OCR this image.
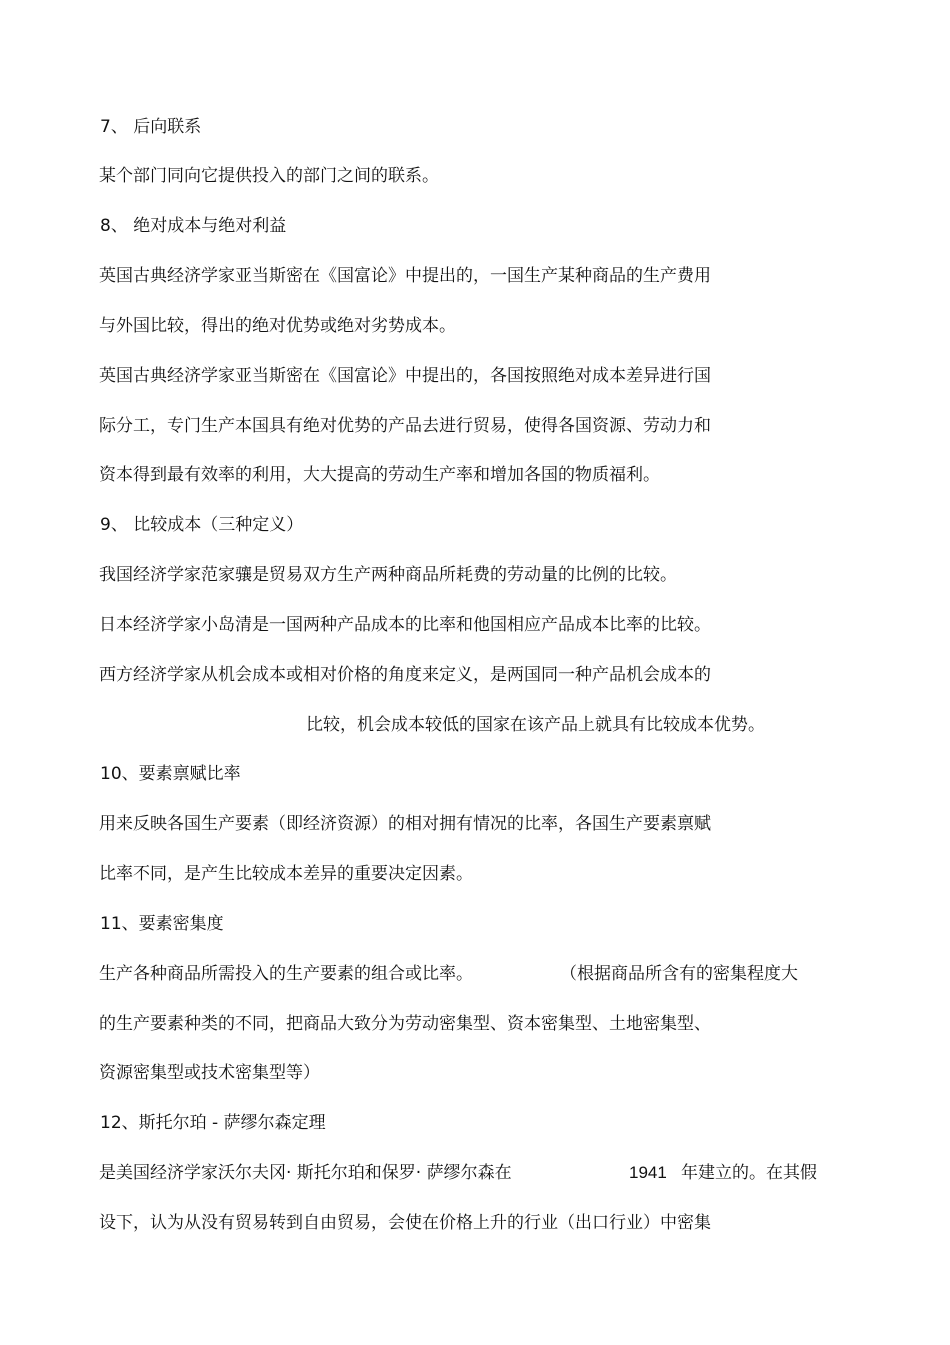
7、 后向联系
某个部门同向它提供投入的部门之间的联系。
8、 绝对成本与绝对利益
英国古典经济学家亚当斯密在《国富论》中提出的，一国生产某种商品的生产费用
与外国比较，得出的绝对优势或绝对劣势成本。
英国古典经济学家亚当斯密在《国富论》中提出的，各国按照绝对成本差异进行国
际分工，专门生产本国具有绝对优势的产品去进行贸易，使得各国资源、劳动力和
资本得到最有效率的利用，大大提高的劳动生产率和增加各国的物质福利。
9、 比较成本（三种定义）
我国经济学家范家骧是贸易双方生产两种商品所耗费的劳动量的比例的比较。
日本经济学家小岛清是一国两种产品成本的比率和他国相应产品成本比率的比较。
西方经济学家从机会成本或相对价格的角度来定义，是两国同一种产品机会成本的
比较，机会成本较低的国家在该产品上就具有比较成本优势。
10、要素禀赋比率
用来反映各国生产要素（即经济资源）的相对拥有情况的比率，各国生产要素禀赋
比率不同，是产生比较成本差异的重要决定因素。
11、要素密集度
生产各种商品所需投入的生产要素的组合或比率。	（根据商品所含有的密集程度大
的生产要素种类的不同，把商品大致分为劳动密集型、资本密集型、土地密集型、
资源密集型或技术密集型等）
12、斯托尔珀 - 萨缪尔森定理
是美国经济学家沃尔夫冈· 斯托尔珀和保罗· 萨缪尔森在	1941 年建立的。在其假
设下，认为从没有贸易转到自由贸易，会使在价格上升的行业（出口行业）中密集
